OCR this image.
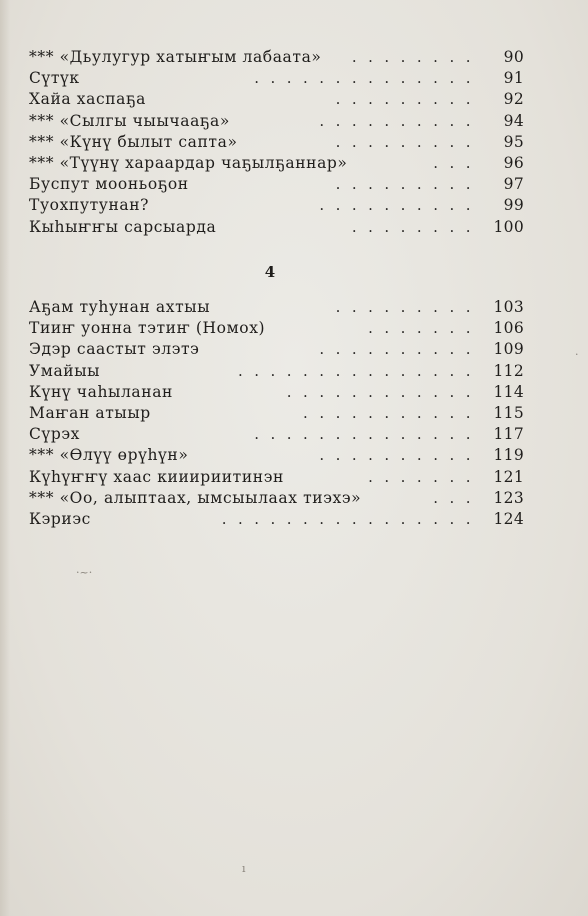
........
*** «Дьулугур хатыҥым лабаата»	90
..............
Сүтүк	91
.........
Хайа хаспаҕа	92
..........
*** «Сылгы чыычааҕа»	94
.........
*** «Күнү былыт сапта»	95
...
*** «Түүнү хараардар чаҕылҕаннар»	96
.........
Буспут мооньоҕон	97
..........
Туохпутунан?	99
........
Кыһыҥҥы сарсыарда	100
4
.........
Аҕам туһунан ахтыы	103
.......
Тииҥ уонна тэтиҥ (Номох)	106
..........
Эдэр саастыт элэтэ	109
...............
Умайыы	112
............
Күнү чаһыланан	114
...........
Маҥан атыыр	115
..............
Сүрэх	117
..........
*** «Өлүү өрүһүн»	119
.......
Күһүҥҥү хаас кииириитинэн	121
...
*** «Оо, алыптаах, ымсыылаах тиэхэ»	123
................
Кэриэс	124
·~·
ı
·
